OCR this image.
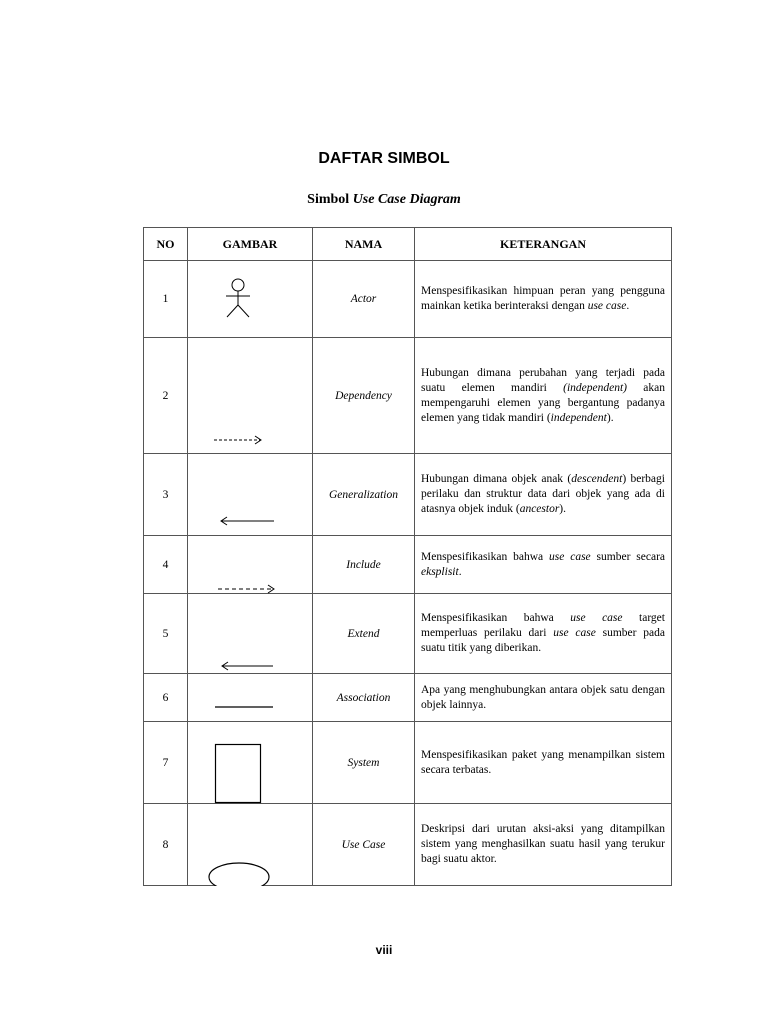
DAFTAR SIMBOL
Simbol Use Case Diagram
NO	GAMBAR	NAMA	KETERANGAN
1		Actor	Menspesifikasikan himpuan peran yang pengguna mainkan ketika berinteraksi dengan use case.
2		Dependency	Hubungan dimana perubahan yang terjadi pada suatu elemen mandiri (independent) akan mempengaruhi elemen yang bergantung padanya elemen yang tidak mandiri (independent).
3		Generalization	Hubungan dimana objek anak (descendent) berbagi perilaku dan struktur data dari objek yang ada di atasnya objek induk (ancestor).
4		Include	Menspesifikasikan bahwa use case sumber secara eksplisit.
5		Extend	Menspesifikasikan bahwa use case target memperluas perilaku dari use case sumber pada suatu titik yang diberikan.
6		Association	Apa yang menghubungkan antara objek satu dengan objek lainnya.
7		System	Menspesifikasikan paket yang menampilkan sistem secara terbatas.
8		Use Case	Deskripsi dari urutan aksi-aksi yang ditampilkan sistem yang menghasilkan suatu hasil yang terukur bagi suatu aktor.
viii
